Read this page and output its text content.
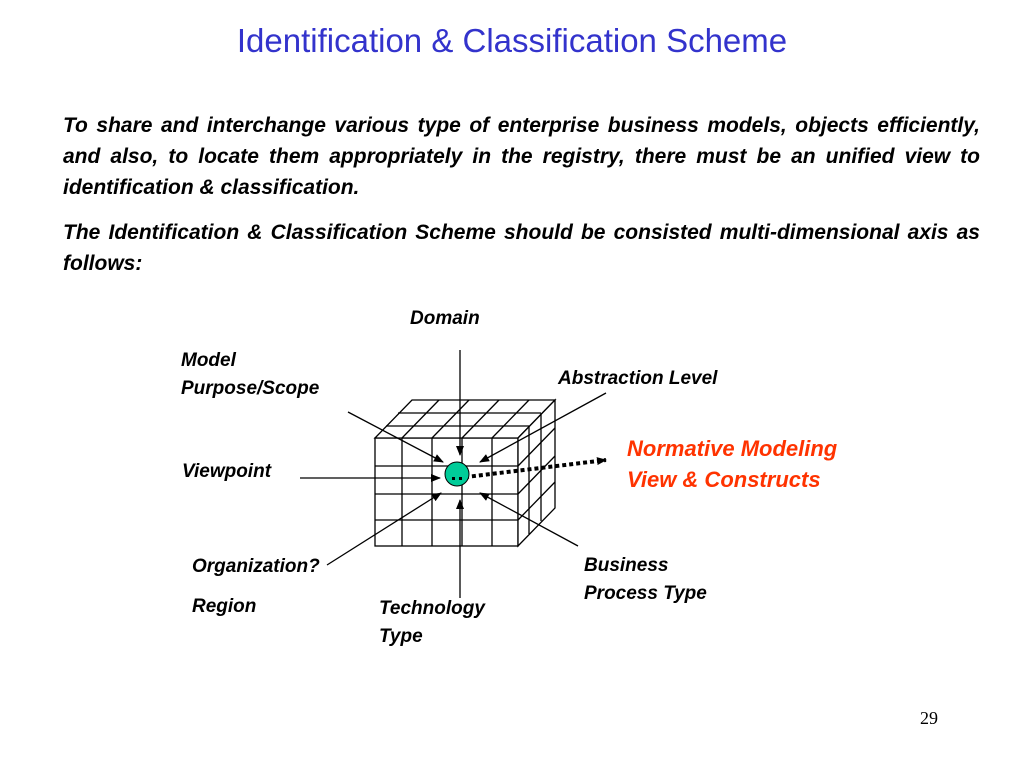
Identification & Classification Scheme

To share and interchange various type of enterprise business models, objects efficiently, and also, to locate them appropriately in the registry, there must be an unified view to identification & classification.

The Identification & Classification Scheme should be consisted multi-dimensional axis as follows:

Domain
Model
Purpose/Scope	Abstraction Level
Viewpoint
Organization?
Region	Technology
Type
Business
Process Type
Normative Modeling
View & Constructs
29
